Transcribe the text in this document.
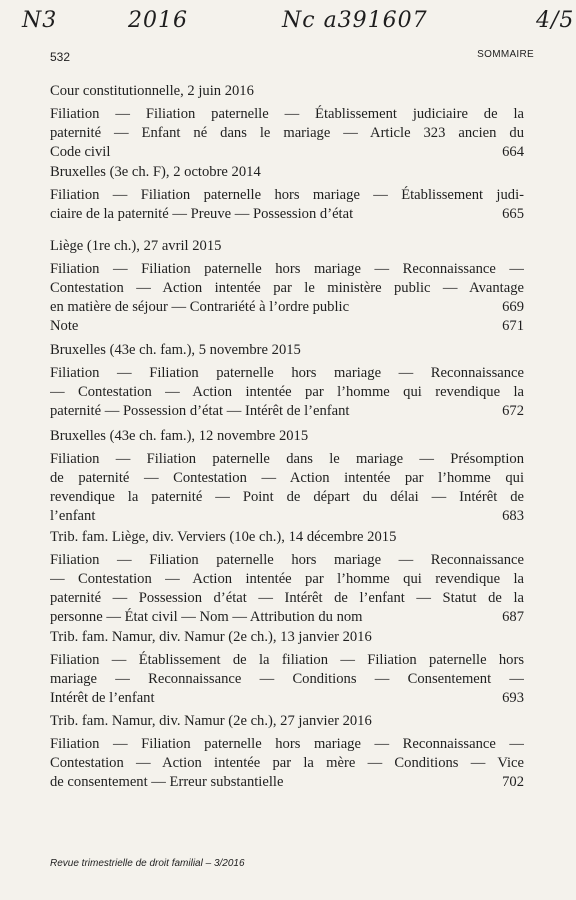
N3	2016	Nc a391607	4/5
532	SOMMAIRE
Cour constitutionnelle, 2 juin 2016
Filiation — Filiation paternelle — Établissement judiciaire de la
paternité — Enfant né dans le mariage — Article 323 ancien du
Code civil	664
Bruxelles (3e ch. F), 2 octobre 2014
Filiation — Filiation paternelle hors mariage — Établissement judi-
ciaire de la paternité — Preuve — Possession d’état	665
Liège (1re ch.), 27 avril 2015
Filiation — Filiation paternelle hors mariage — Reconnaissance —
Contestation — Action intentée par le ministère public — Avantage
en matière de séjour — Contrariété à l’ordre public	669
Note	671
Bruxelles (43e ch. fam.), 5 novembre 2015
Filiation — Filiation paternelle hors mariage — Reconnaissance
— Contestation — Action intentée par l’homme qui revendique la
paternité — Possession d’état — Intérêt de l’enfant	672
Bruxelles (43e ch. fam.), 12 novembre 2015
Filiation — Filiation paternelle dans le mariage — Présomption
de paternité — Contestation — Action intentée par l’homme qui
revendique la paternité — Point de départ du délai — Intérêt de
l’enfant	683
Trib. fam. Liège, div. Verviers (10e ch.), 14 décembre 2015
Filiation — Filiation paternelle hors mariage — Reconnaissance
— Contestation — Action intentée par l’homme qui revendique la
paternité — Possession d’état — Intérêt de l’enfant — Statut de la
personne — État civil — Nom — Attribution du nom	687
Trib. fam. Namur, div. Namur (2e ch.), 13 janvier 2016
Filiation — Établissement de la filiation — Filiation paternelle hors
mariage — Reconnaissance — Conditions — Consentement —
Intérêt de l’enfant	693
Trib. fam. Namur, div. Namur (2e ch.), 27 janvier 2016
Filiation — Filiation paternelle hors mariage — Reconnaissance —
Contestation — Action intentée par la mère — Conditions — Vice
de consentement — Erreur substantielle	702
Revue trimestrielle de droit familial – 3/2016
